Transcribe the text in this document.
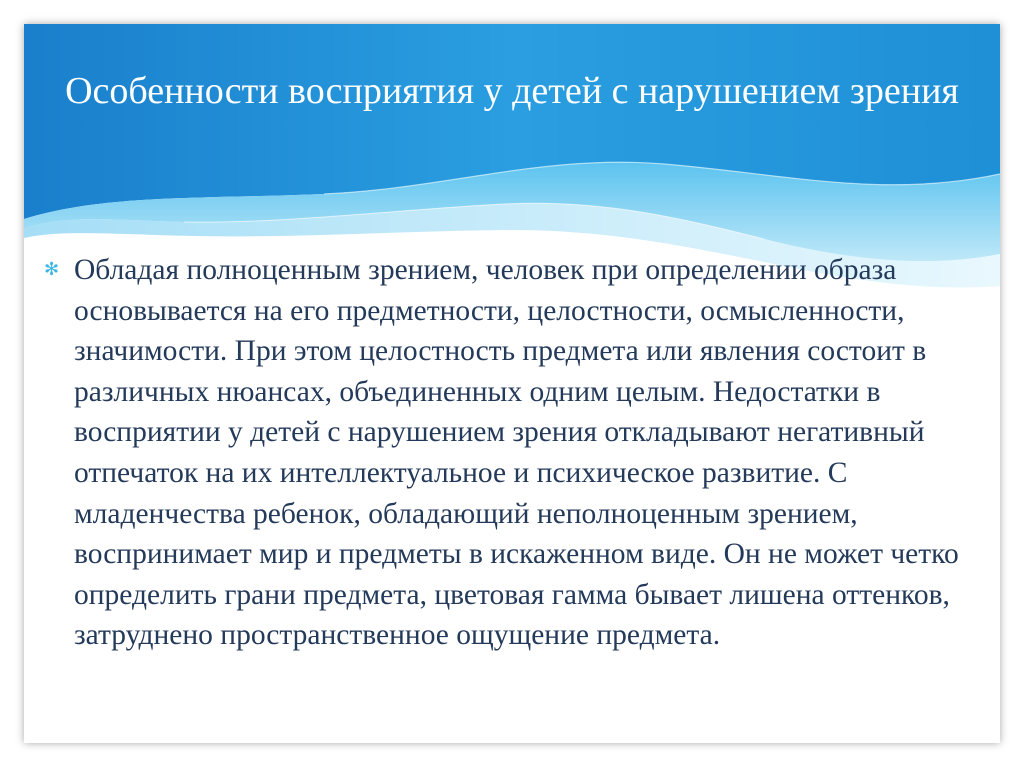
Особенности восприятия у детей с нарушением зрения
✻ Обладая полноценным зрением, человек при определении образа основывается на его предметности, целостности, осмысленности, значимости. При этом целостность предмета или явления состоит в различных нюансах, объединенных одним целым. Недостатки в восприятии у детей с нарушением зрения откладывают негативный отпечаток на их интеллектуальное и психическое развитие. С младенчества ребенок, обладающий неполноценным зрением, воспринимает мир и предметы в искаженном виде. Он не может четко определить грани предмета, цветовая гамма бывает лишена оттенков, затруднено пространственное ощущение предмета.
